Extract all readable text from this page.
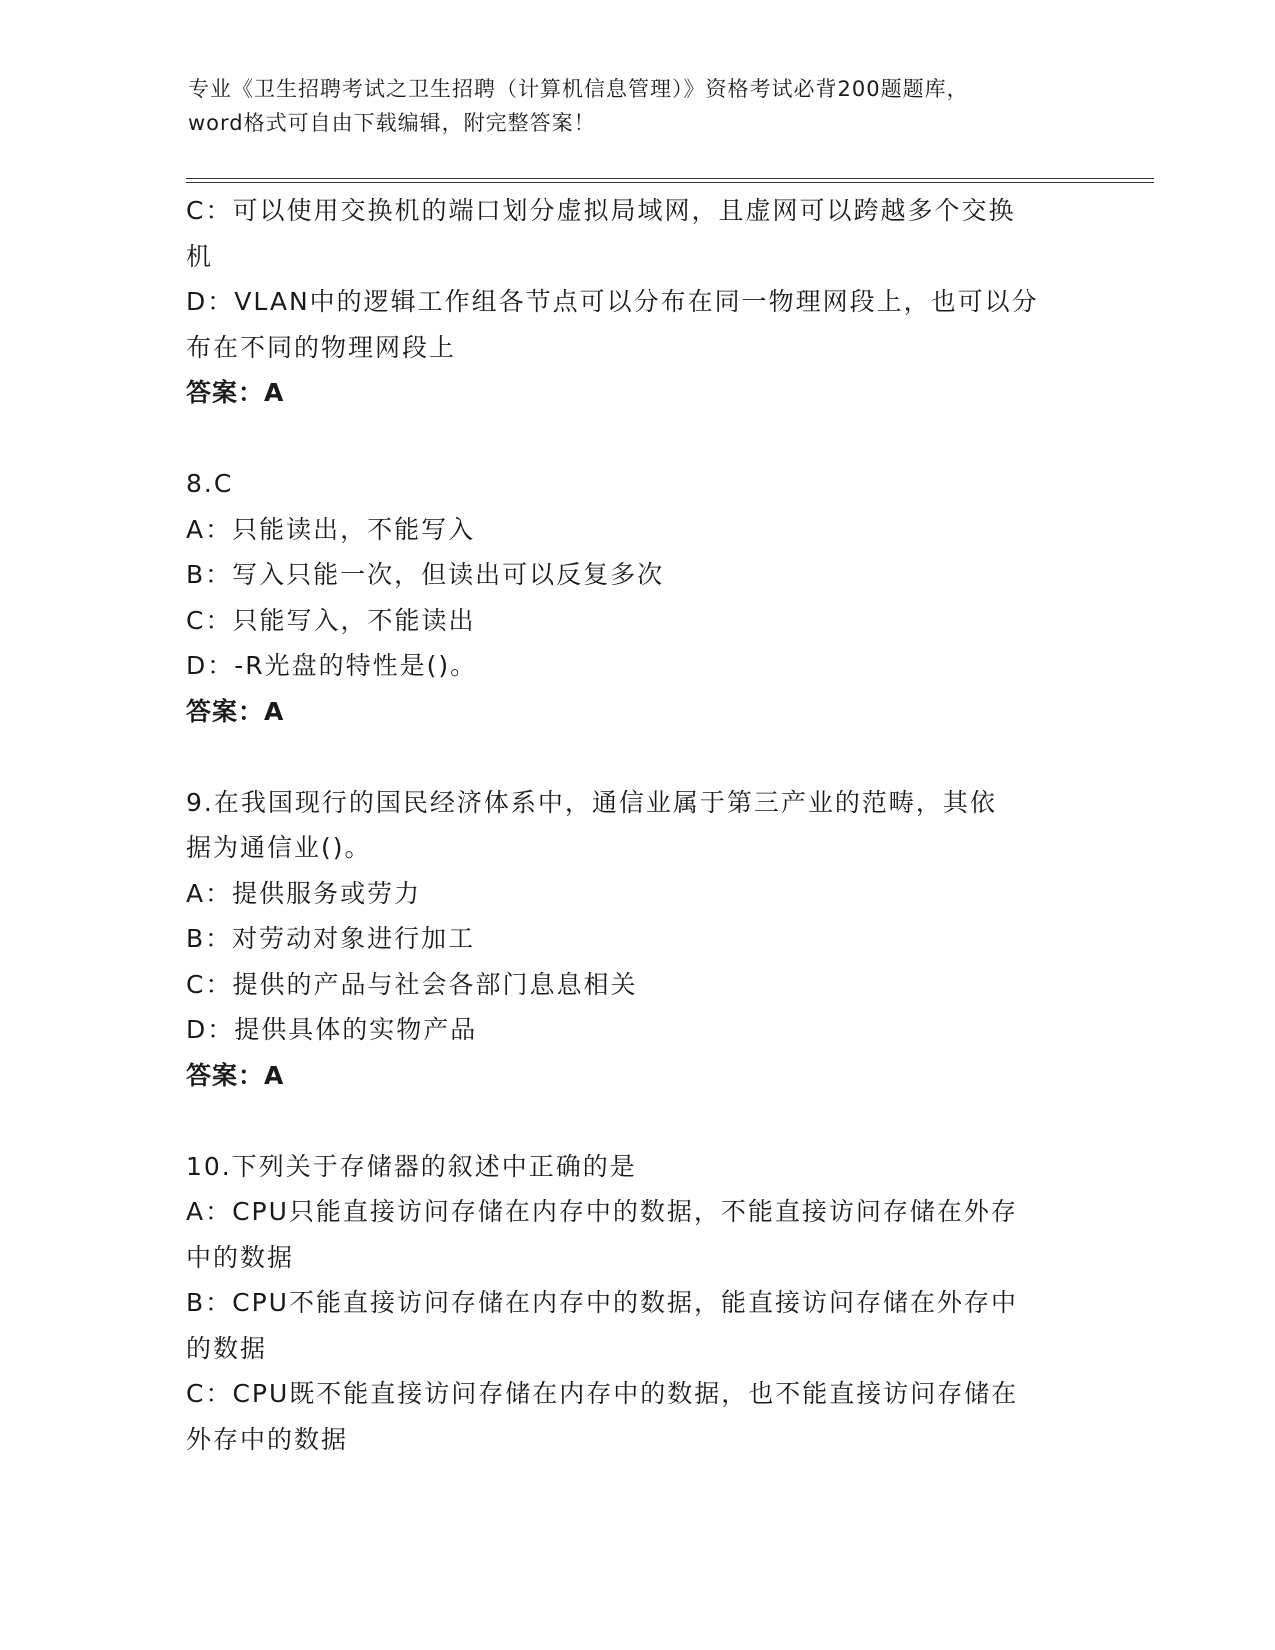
专业《卫生招聘考试之卫生招聘（计算机信息管理）》资格考试必背200题题库，
word格式可自由下载编辑，附完整答案！
C：可以使用交换机的端口划分虚拟局域网，且虚网可以跨越多个交换
机
D：VLAN中的逻辑工作组各节点可以分布在同一物理网段上，也可以分
布在不同的物理网段上
答案：A
8.C
A：只能读出，不能写入
B：写入只能一次，但读出可以反复多次
C：只能写入，不能读出
D：-R光盘的特性是()。
答案：A
9.在我国现行的国民经济体系中，通信业属于第三产业的范畴，其依
据为通信业()。
A：提供服务或劳力
B：对劳动对象进行加工
C：提供的产品与社会各部门息息相关
D：提供具体的实物产品
答案：A
10.下列关于存储器的叙述中正确的是
A：CPU只能直接访问存储在内存中的数据，不能直接访问存储在外存
中的数据
B：CPU不能直接访问存储在内存中的数据，能直接访问存储在外存中
的数据
C：CPU既不能直接访问存储在内存中的数据，也不能直接访问存储在
外存中的数据
